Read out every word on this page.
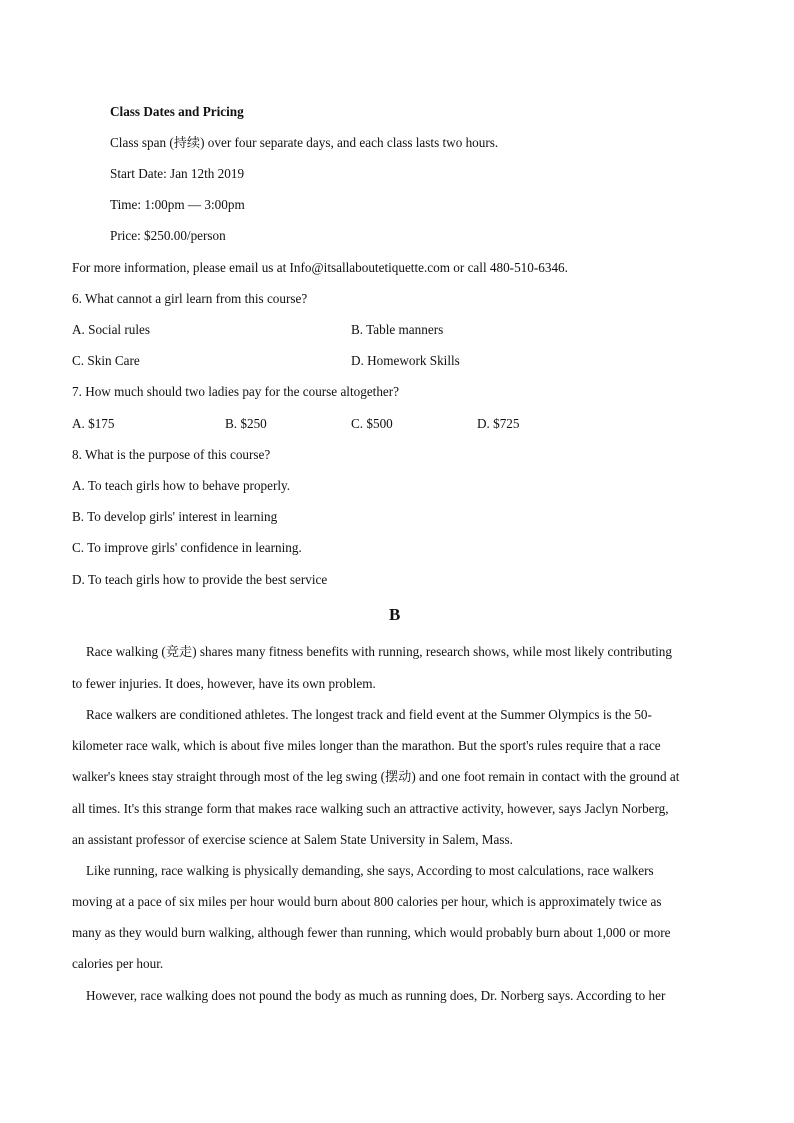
Class Dates and Pricing
Class span (持续) over four separate days, and each class lasts two hours.
Start Date: Jan 12th 2019
Time: 1:00pm — 3:00pm
Price: $250.00/person
For more information, please email us at Info@itsallaboutetiquette.com or call 480-510-6346.
6. What cannot a girl learn from this course?
A. Social rules	B. Table manners
C. Skin Care	D. Homework Skills
7. How much should two ladies pay for the course altogether?
A. $175	B. $250	C. $500	D. $725
8. What is the purpose of this course?
A. To teach girls how to behave properly.
B. To develop girls' interest in learning
C. To improve girls' confidence in learning.
D. To teach girls how to provide the best service
B
Race walking (竞走) shares many fitness benefits with running, research shows, while most likely contributing
to fewer injuries. It does, however, have its own problem.
Race walkers are conditioned athletes. The longest track and field event at the Summer Olympics is the 50-
kilometer race walk, which is about five miles longer than the marathon. But the sport's rules require that a race
walker's knees stay straight through most of the leg swing (摆动) and one foot remain in contact with the ground at
all times. It's this strange form that makes race walking such an attractive activity, however, says Jaclyn Norberg,
an assistant professor of exercise science at Salem State University in Salem, Mass.
Like running, race walking is physically demanding, she says, According to most calculations, race walkers
moving at a pace of six miles per hour would burn about 800 calories per hour, which is approximately twice as
many as they would burn walking, although fewer than running, which would probably burn about 1,000 or more
calories per hour.
However, race walking does not pound the body as much as running does, Dr. Norberg says. According to her
